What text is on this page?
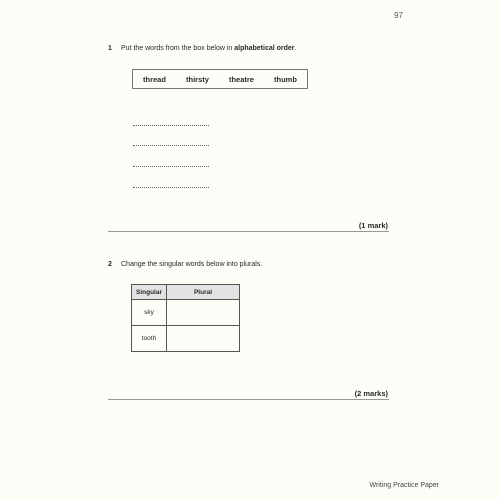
97
1 Put the words from the box below in alphabetical order.
thread	thirsty	theatre	thumb
(1 mark)
2 Change the singular words below into plurals.
Singular	Plural
sky	
tooth	
(2 marks)
Writing Practice Paper
